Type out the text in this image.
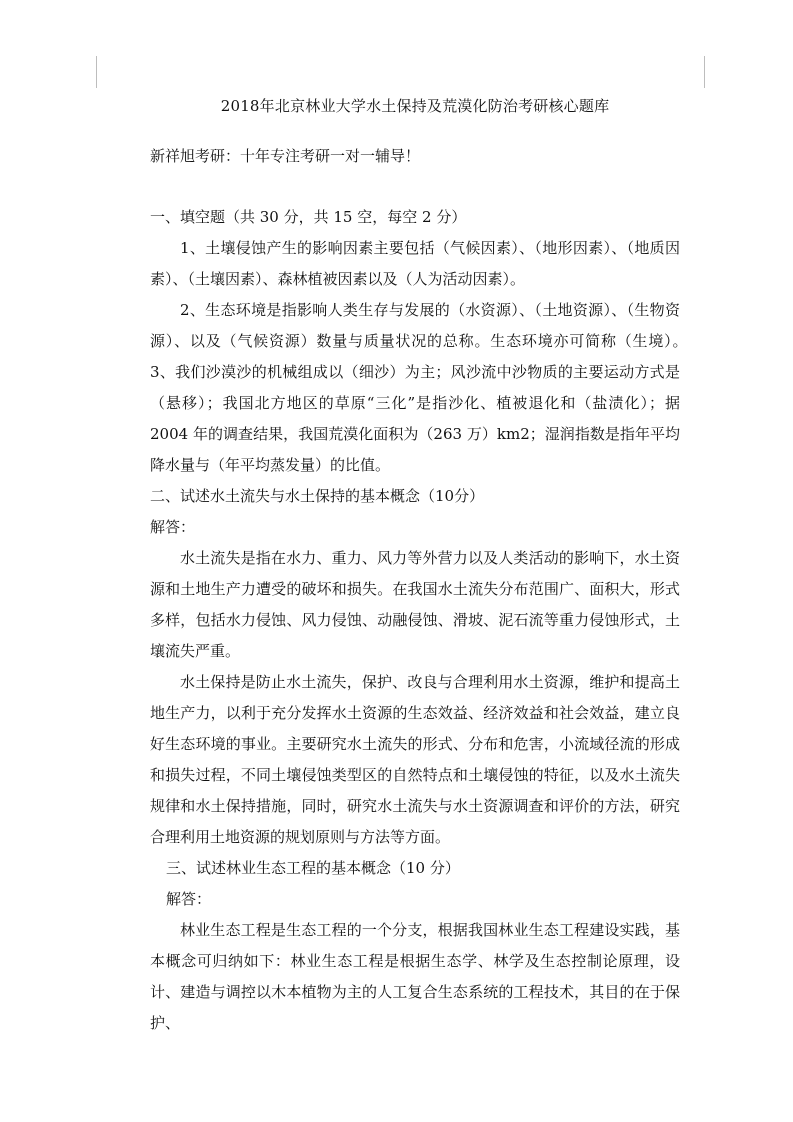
2018年北京林业大学水土保持及荒漠化防治考研核心题库

新祥旭考研：十年专注考研一对一辅导！

一、填空题（共 30 分，共 15 空，每空 2 分）

1、土壤侵蚀产生的影响因素主要包括（气候因素）、（地形因素）、（地质因素）、（土壤因素）、森林植被因素以及（人为活动因素）。

2、生态环境是指影响人类生存与发展的（水资源）、（土地资源）、（生物资源）、以及（气候资源）数量与质量状况的总称。生态环境亦可简称（生境）。　3、我们沙漠沙的机械组成以（细沙）为主；风沙流中沙物质的主要运动方式是（悬移）；我国北方地区的草原“三化”是指沙化、植被退化和（盐渍化）；据 2004 年的调查结果，我国荒漠化面积为（263 万）km2；湿润指数是指年平均降水量与（年平均蒸发量）的比值。

二、试述水土流失与水土保持的基本概念（10分）

解答：

水土流失是指在水力、重力、风力等外营力以及人类活动的影响下，水土资源和土地生产力遭受的破坏和损失。在我国水土流失分布范围广、面积大，形式多样，包括水力侵蚀、风力侵蚀、动融侵蚀、滑坡、泥石流等重力侵蚀形式，土壤流失严重。

水土保持是防止水土流失，保护、改良与合理利用水土资源，维护和提高土地生产力，以利于充分发挥水土资源的生态效益、经济效益和社会效益，建立良好生态环境的事业。主要研究水土流失的形式、分布和危害，小流域径流的形成和损失过程，不同土壤侵蚀类型区的自然特点和土壤侵蚀的特征，以及水土流失规律和水土保持措施，同时，研究水土流失与水土资源调查和评价的方法，研究合理利用土地资源的规划原则与方法等方面。

三、试述林业生态工程的基本概念（10 分）

解答：

林业生态工程是生态工程的一个分支，根据我国林业生态工程建设实践，基本概念可归纳如下：林业生态工程是根据生态学、林学及生态控制论原理，设计、建造与调控以木本植物为主的人工复合生态系统的工程技术，其目的在于保护、
